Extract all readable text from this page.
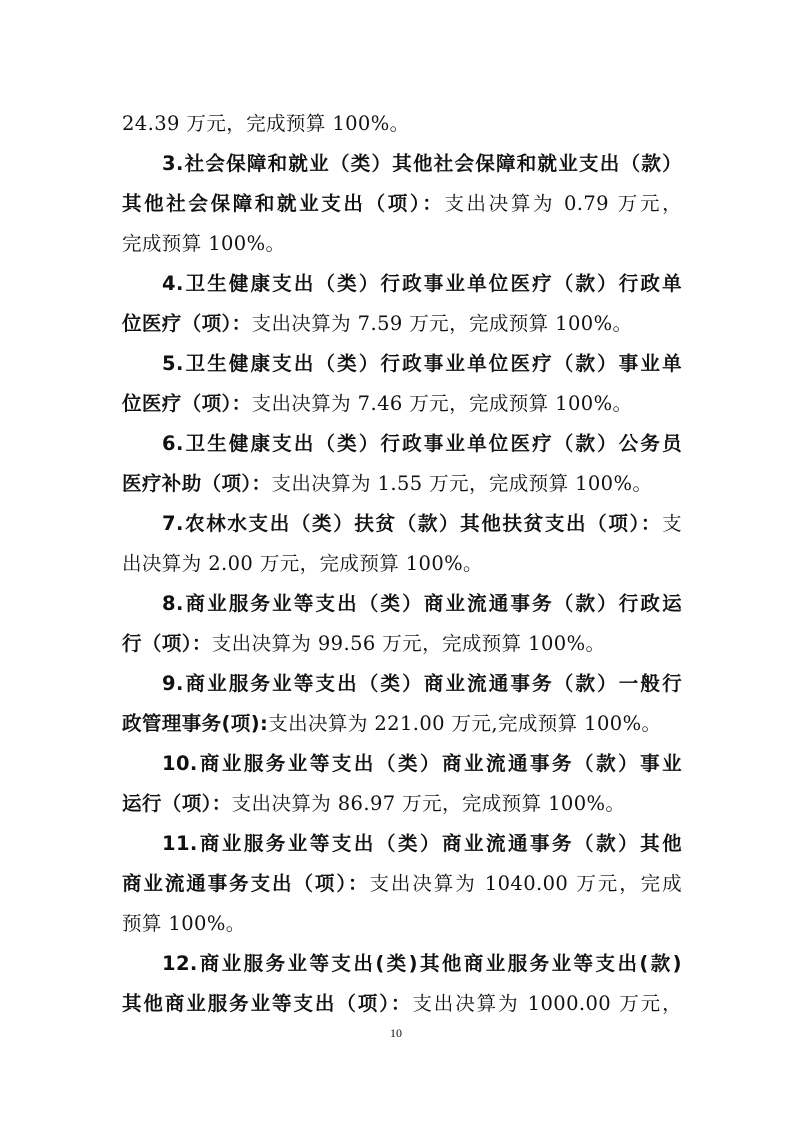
24.39 万元，完成预算 100%。
3.社会保障和就业（类）其他社会保障和就业支出（款）
其他社会保障和就业支出（项）：支出决算为 0.79 万元，
完成预算 100%。
4.卫生健康支出（类）行政事业单位医疗（款）行政单
位医疗（项）：支出决算为 7.59 万元，完成预算 100%。
5.卫生健康支出（类）行政事业单位医疗（款）事业单
位医疗（项）：支出决算为 7.46 万元，完成预算 100%。
6.卫生健康支出（类）行政事业单位医疗（款）公务员
医疗补助（项）：支出决算为 1.55 万元，完成预算 100%。
7.农林水支出（类）扶贫（款）其他扶贫支出（项）：支
出决算为 2.00 万元，完成预算 100%。
8.商业服务业等支出（类）商业流通事务（款）行政运
行（项）：支出决算为 99.56 万元，完成预算 100%。
9.商业服务业等支出（类）商业流通事务（款）一般行
政管理事务(项):支出决算为 221.00 万元,完成预算 100%。
10.商业服务业等支出（类）商业流通事务（款）事业
运行（项）：支出决算为 86.97 万元，完成预算 100%。
11.商业服务业等支出（类）商业流通事务（款）其他
商业流通事务支出（项）：支出决算为 1040.00 万元，完成
预算 100%。
12.商业服务业等支出(类)其他商业服务业等支出(款)
其他商业服务业等支出（项）：支出决算为 1000.00 万元，
10
